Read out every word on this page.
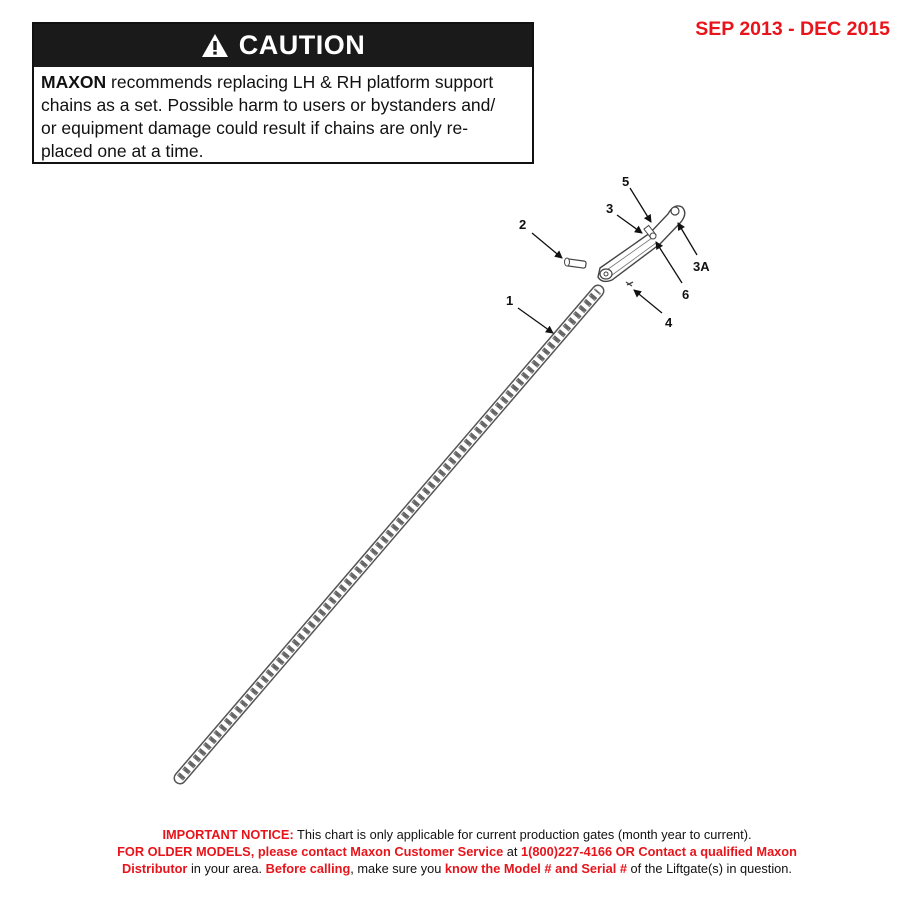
CAUTION
MAXON recommends replacing LH & RH platform support
chains as a set. Possible harm to users or bystanders and/
or equipment damage could result if chains are only re-
placed one at a time.
SEP 2013 - DEC 2015
1
2
3
5
3A
6
4
IMPORTANT NOTICE: This chart is only applicable for current production gates (month year to current).
FOR OLDER MODELS, please contact Maxon Customer Service at 1(800)227-4166 OR Contact a qualified Maxon
Distributor in your area. Before calling, make sure you know the Model # and Serial # of the Liftgate(s) in question.
